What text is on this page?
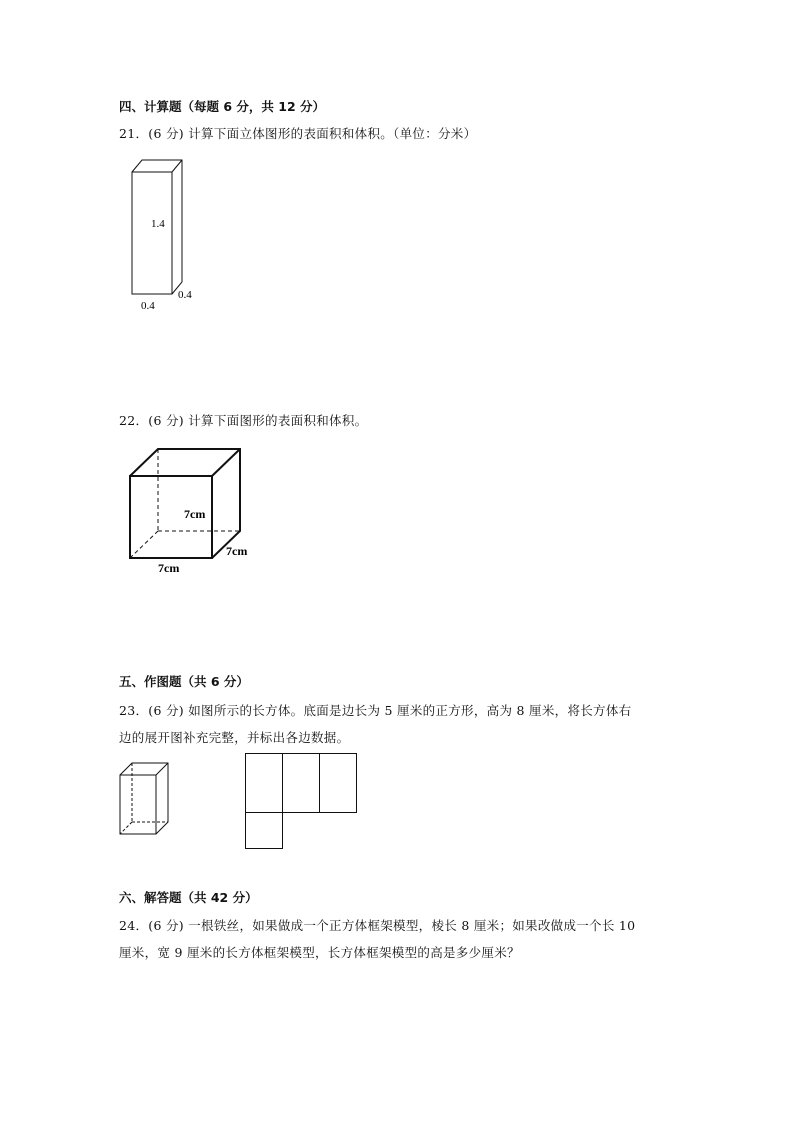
四、计算题（每题 6 分，共 12 分）
21．(6 分) 计算下面立体图形的表面积和体积。（单位：分米）
1.4
0.4
0.4
22．(6 分) 计算下面图形的表面积和体积。
7cm
7cm
7cm
五、作图题（共 6 分）
23．(6 分) 如图所示的长方体。底面是边长为 5 厘米的正方形，高为 8 厘米，将长方体右
边的展开图补充完整，并标出各边数据。
六、解答题（共 42 分）
24．(6 分) 一根铁丝，如果做成一个正方体框架模型，棱长 8 厘米；如果改做成一个长 10
厘米，宽 9 厘米的长方体框架模型，长方体框架模型的高是多少厘米？
